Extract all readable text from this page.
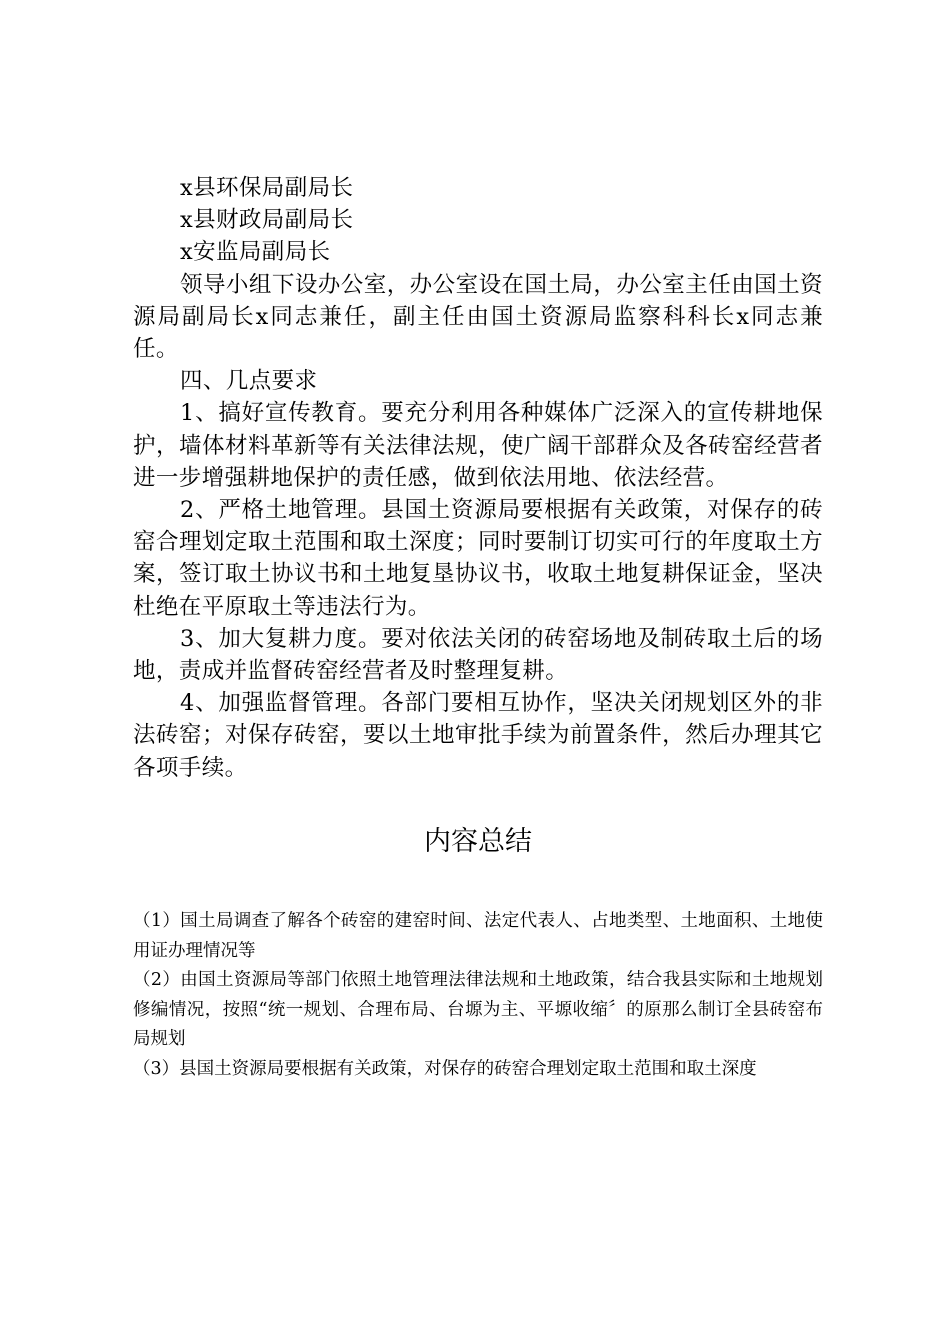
x县环保局副局长

x县财政局副局长

x安监局副局长

领导小组下设办公室，办公室设在国土局，办公室主任由国土资源局副局长x同志兼任，副主任由国土资源局监察科科长x同志兼任。

四、几点要求

1、搞好宣传教育。要充分利用各种媒体广泛深入的宣传耕地保护，墙体材料革新等有关法律法规，使广阔干部群众及各砖窑经营者进一步增强耕地保护的责任感，做到依法用地、依法经营。

2、严格土地管理。县国土资源局要根据有关政策，对保存的砖窑合理划定取土范围和取土深度；同时要制订切实可行的年度取土方案，签订取土协议书和土地复垦协议书，收取土地复耕保证金，坚决杜绝在平原取土等违法行为。

3、加大复耕力度。要对依法关闭的砖窑场地及制砖取土后的场地，责成并监督砖窑经营者及时整理复耕。

4、加强监督管理。各部门要相互协作，坚决关闭规划区外的非法砖窑；对保存砖窑，要以土地审批手续为前置条件，然后办理其它各项手续。

内容总结

（1）国土局调查了解各个砖窑的建窑时间、法定代表人、占地类型、土地面积、土地使用证办理情况等

（2）由国土资源局等部门依照土地管理法律法规和土地政策，结合我县实际和土地规划修编情况，按照“统一规划、合理布局、台塬为主、平塬收缩〞的原那么制订全县砖窑布局规划

（3）县国土资源局要根据有关政策，对保存的砖窑合理划定取土范围和取土深度
